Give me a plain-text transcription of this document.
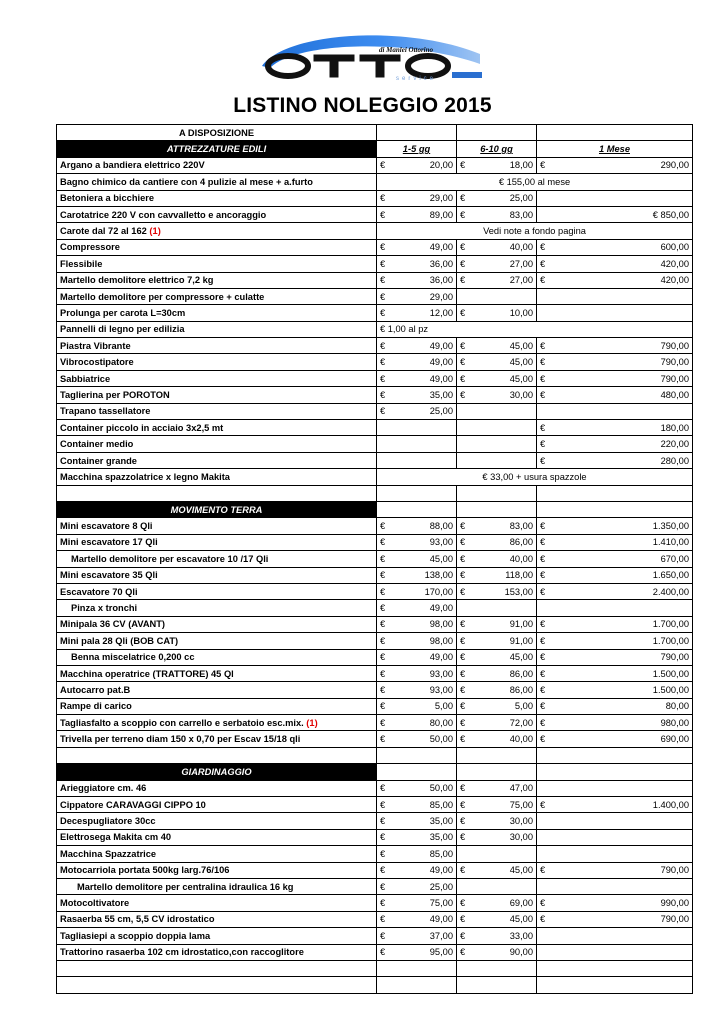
di Manlei Ottorino
OTTO
service
LISTINO NOLEGGIO 2015
A DISPOSIZIONE			
ATTREZZATURE EDILI	1-5 gg	6-10 gg	1 Mese
Argano a bandiera elettrico 220V	€ 20,00	€ 18,00	€ 290,00
Bagno chimico da cantiere con 4 pulizie al mese + a.furto	€ 155,00 al mese		
Betoniera a bicchiere	€ 29,00	€ 25,00	
Carotatrice 220 V con cavvalletto e ancoraggio	€ 89,00	€ 83,00	€ 850,00
Carote dal 72 al 162 (1)	Vedi note a fondo pagina		
Compressore	€ 49,00	€ 40,00	€ 600,00
Flessibile	€ 36,00	€ 27,00	€ 420,00
Martello demolitore elettrico 7,2 kg	€ 36,00	€ 27,00	€ 420,00
Martello demolitore per compressore + culatte	€ 29,00		
Prolunga per carota L=30cm	€ 12,00	€ 10,00	
Pannelli di legno per edilizia	€ 1,00 al pz		
Piastra Vibrante	€ 49,00	€ 45,00	€ 790,00
Vibrocostipatore	€ 49,00	€ 45,00	€ 790,00
Sabbiatrice	€ 49,00	€ 45,00	€ 790,00
Taglierina per POROTON	€ 35,00	€ 30,00	€ 480,00
Trapano tassellatore	€ 25,00		
Container piccolo in acciaio 3x2,5 mt			€ 180,00
Container medio			€ 220,00
Container grande			€ 280,00
Macchina spazzolatrice x legno Makita	€ 33,00 + usura spazzole		

MOVIMENTO TERRA			
Mini escavatore 8 Qli	€ 88,00	€ 83,00	€ 1.350,00
Mini escavatore 17 Qli	€ 93,00	€ 86,00	€ 1.410,00
Martello demolitore per escavatore 10 /17 Qli	€ 45,00	€ 40,00	€ 670,00
Mini escavatore 35 Qli	€ 138,00	€ 118,00	€ 1.650,00
Escavatore 70 Qli	€ 170,00	€ 153,00	€ 2.400,00
Pinza x tronchi	€ 49,00		
Minipala 36 CV (AVANT)	€ 98,00	€ 91,00	€ 1.700,00
Mini pala 28 Qli (BOB CAT)	€ 98,00	€ 91,00	€ 1.700,00
Benna miscelatrice 0,200 cc	€ 49,00	€ 45,00	€ 790,00
Macchina operatrice (TRATTORE) 45 Ql	€ 93,00	€ 86,00	€ 1.500,00
Autocarro pat.B	€ 93,00	€ 86,00	€ 1.500,00
Rampe di carico	€ 5,00	€ 5,00	€ 80,00
Tagliasfalto a scoppio con carrello e serbatoio esc.mix. (1)	€ 80,00	€ 72,00	€ 980,00
Trivella per terreno diam 150 x 0,70 per Escav 15/18 qli	€ 50,00	€ 40,00	€ 690,00

GIARDINAGGIO			
Arieggiatore cm. 46	€ 50,00	€ 47,00	
Cippatore CARAVAGGI CIPPO 10	€ 85,00	€ 75,00	€ 1.400,00
Decespugliatore 30cc	€ 35,00	€ 30,00	
Elettrosega Makita cm 40	€ 35,00	€ 30,00	
Macchina Spazzatrice	€ 85,00		
Motocarriola portata 500kg larg.76/106	€ 49,00	€ 45,00	€ 790,00
Martello demolitore per centralina idraulica 16 kg	€ 25,00		
Motocoltivatore	€ 75,00	€ 69,00	€ 990,00
Rasaerba 55 cm, 5,5 CV idrostatico	€ 49,00	€ 45,00	€ 790,00
Tagliasiepi a scoppio doppia lama	€ 37,00	€ 33,00	
Trattorino rasaerba 102 cm idrostatico,con raccoglitore	€ 95,00	€ 90,00	
